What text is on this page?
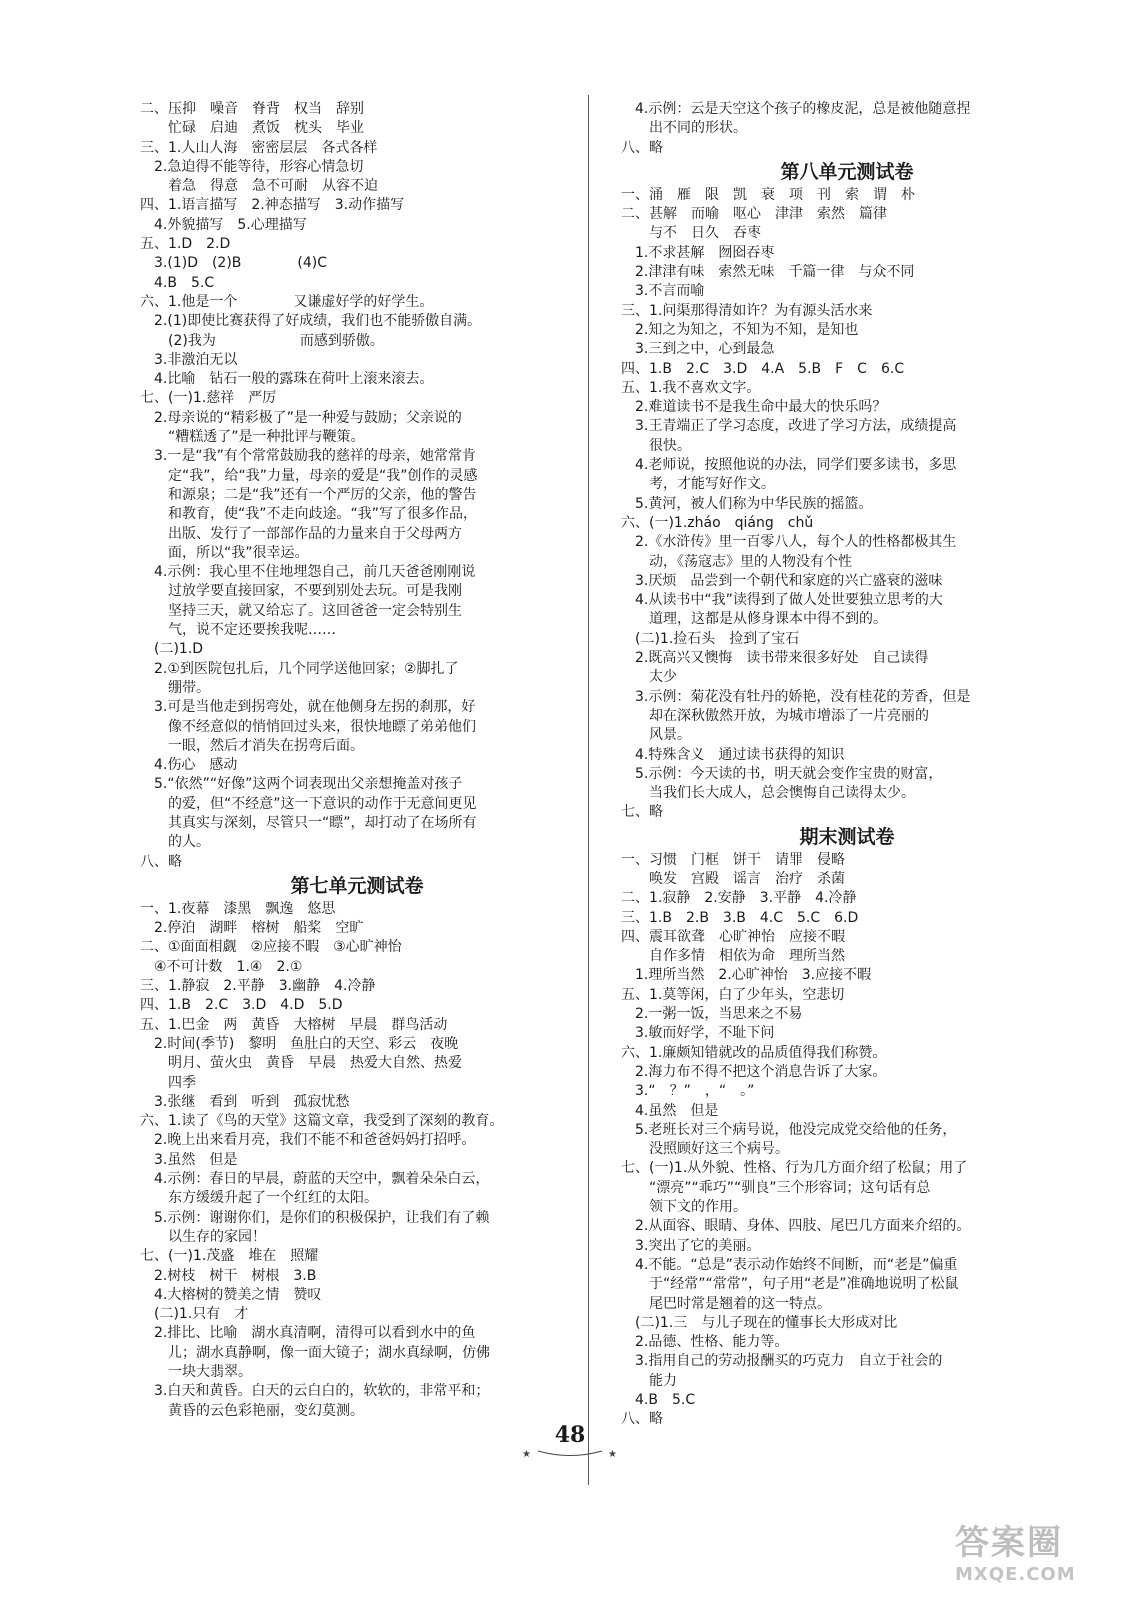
二、压抑　噪音　脊背　权当　辞别
　　忙碌　启迪　煮饭　枕头　毕业
三、1.人山人海　密密层层　各式各样
　2.急迫得不能等待，形容心情急切
　　着急　得意　急不可耐　从容不迫
四、1.语言描写　2.神态描写　3.动作描写
　4.外貌描写　5.心理描写
五、1.D　2.D
　3.(1)D　(2)B　　　　(4)C
　4.B　5.C
六、1.他是一个　　　　又谦虚好学的好学生。
　2.(1)即使比赛获得了好成绩，我们也不能骄傲自满。
　　(2)我为　　　　　　而感到骄傲。
　3.非激泊无以
　4.比喻　钻石一般的露珠在荷叶上滚来滚去。
七、(一)1.慈祥　严厉
　2.母亲说的“精彩极了”是一种爱与鼓励；父亲说的
　　“糟糕透了”是一种批评与鞭策。
　3.一是“我”有个常常鼓励我的慈祥的母亲，她常常肯
　　定“我”，给“我”力量，母亲的爱是“我”创作的灵感
　　和源泉；二是“我”还有一个严厉的父亲，他的警告
　　和教育，使“我”不走向歧途。“我”写了很多作品，
　　出版、发行了一部部作品的力量来自于父母两方
　　面，所以“我”很幸运。
　4.示例：我心里不住地埋怨自己，前几天爸爸刚刚说
　　过放学要直接回家，不要到别处去玩。可是我刚
　　坚持三天，就又给忘了。这回爸爸一定会特别生
　　气，说不定还要挨我呢……
　(二)1.D
　2.①到医院包扎后，几个同学送他回家；②脚扎了
　　绷带。
　3.可是当他走到拐弯处，就在他侧身左拐的刹那，好
　　像不经意似的悄悄回过头来，很快地瞟了弟弟他们
　　一眼，然后才消失在拐弯后面。
　4.伤心　感动
　5.“依然”“好像”这两个词表现出父亲想掩盖对孩子
　　的爱，但“不经意”这一下意识的动作于无意间更见
　　其真实与深刻，尽管只一“瞟”，却打动了在场所有
　　的人。
八、略
第七单元测试卷
一、1.夜幕　漆黑　飘逸　悠思
　2.停泊　湖畔　榕树　船桨　空旷
二、①面面相觑　②应接不暇　③心旷神怡
　④不可计数　1.④　2.①
三、1.静寂　2.平静　3.幽静　4.冷静
四、1.B　2.C　3.D　4.D　5.D
五、1.巴金　两　黄昏　大榕树　早晨　群鸟活动
　2.时间(季节)　黎明　鱼肚白的天空、彩云　夜晚
　　明月、萤火虫　黄昏　早晨　热爱大自然、热爱
　　四季
　3.张继　看到　听到　孤寂忧愁
六、1.读了《鸟的天堂》这篇文章，我受到了深刻的教育。
　2.晚上出来看月亮，我们不能不和爸爸妈妈打招呼。
　3.虽然　但是
　4.示例：春日的早晨，蔚蓝的天空中，飘着朵朵白云，
　　东方缓缓升起了一个红红的太阳。
　5.示例：谢谢你们，是你们的积极保护，让我们有了赖
　　以生存的家园！
七、(一)1.茂盛　堆在　照耀
　2.树枝　树干　树根　3.B
　4.大榕树的赞美之情　赞叹
　(二)1.只有　才
　2.排比、比喻　湖水真清啊，清得可以看到水中的鱼
　　儿；湖水真静啊，像一面大镜子；湖水真绿啊，仿佛
　　一块大翡翠。
　3.白天和黄昏。白天的云白白的，软软的，非常平和；
　　黄昏的云色彩艳丽，变幻莫测。
　4.示例：云是天空这个孩子的橡皮泥，总是被他随意捏
　　出不同的形状。
八、略
第八单元测试卷
一、涌　雁　限　凯　衰　项　刊　索　谓　朴
二、甚解　而喻　呕心　津津　索然　篇律
　　与不　日久　吞枣
　1.不求甚解　囫囵吞枣
　2.津津有味　索然无味　千篇一律　与众不同
　3.不言而喻
三、1.问渠那得清如许？为有源头活水来
　2.知之为知之，不知为不知，是知也
　3.三到之中，心到最急
四、1.B　2.C　3.D　4.A　5.B　F　C　6.C
五、1.我不喜欢文字。
　2.难道读书不是我生命中最大的快乐吗？
　3.王青端正了学习态度，改进了学习方法，成绩提高
　　很快。
　4.老师说，按照他说的办法，同学们要多读书，多思
　　考，才能写好作文。
　5.黄河，被人们称为中华民族的摇篮。
六、(一)1.zháo　qiáng　chǔ
　2.《水浒传》里一百零八人，每个人的性格都极其生
　　动，《荡寇志》里的人物没有个性
　3.厌烦　品尝到一个朝代和家庭的兴亡盛衰的滋味
　4.从读书中“我”读得到了做人处世要独立思考的大
　　道理，这都是从修身课本中得不到的。
　(二)1.捡石头　捡到了宝石
　2.既高兴又懊悔　读书带来很多好处　自己读得
　　太少
　3.示例：菊花没有牡丹的娇艳，没有桂花的芳香，但是
　　却在深秋傲然开放，为城市增添了一片亮丽的
　　风景。
　4.特殊含义　通过读书获得的知识
　5.示例：今天读的书，明天就会变作宝贵的财富，
　　当我们长大成人，总会懊悔自己读得太少。
七、略
期末测试卷
一、习惯　门框　饼干　请罪　侵略
　　唤发　宫殿　谣言　治疗　杀菌
二、1.寂静　2.安静　3.平静　4.冷静
三、1.B　2.B　3.B　4.C　5.C　6.D
四、震耳欲聋　心旷神怡　应接不暇
　　自作多情　相依为命　理所当然
　1.理所当然　2.心旷神怡　3.应接不暇
五、1.莫等闲，白了少年头，空悲切
　2.一粥一饭，当思来之不易
　3.敏而好学，不耻下问
六、1.廉颇知错就改的品质值得我们称赞。
　2.海力布不得不把这个消息告诉了大家。
　3.“　？”　，“　。”
　4.虽然　但是
　5.老班长对三个病号说，他没完成党交给他的任务，
　　没照顾好这三个病号。
七、(一)1.从外貌、性格、行为几方面介绍了松鼠；用了
　　“漂亮”“乖巧”“驯良”三个形容词；这句话有总
　　领下文的作用。
　2.从面容、眼睛、身体、四肢、尾巴几方面来介绍的。
　3.突出了它的美丽。
　4.不能。“总是”表示动作始终不间断，而“老是”偏重
　　于“经常”“常常”，句子用“老是”准确地说明了松鼠
　　尾巴时常是翘着的这一特点。
　(二)1.三　与儿子现在的懂事长大形成对比
　2.品德、性格、能力等。
　3.指用自己的劳动报酬买的巧克力　自立于社会的
　　能力
　4.B　5.C
八、略
48
★	★
答案圈
MXQE.COM
